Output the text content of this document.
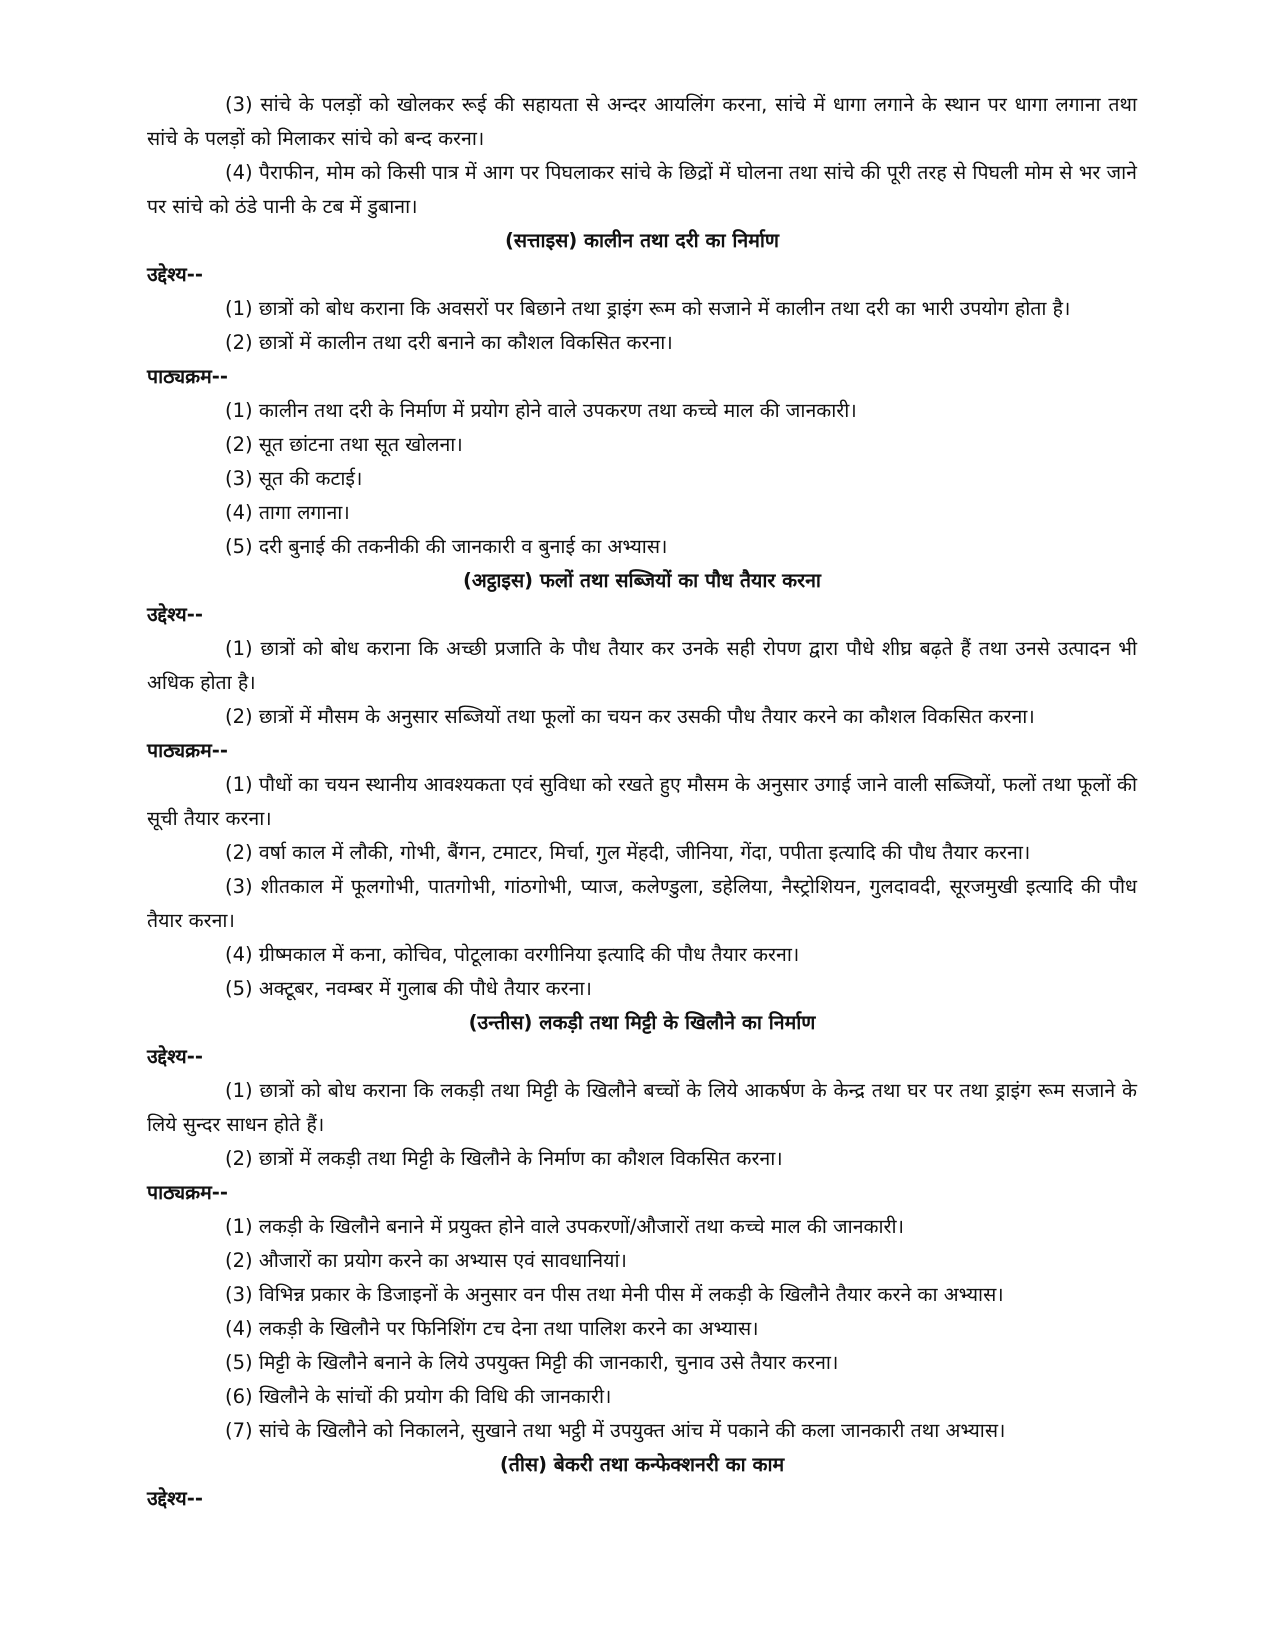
(3) सांचे के पलड़ों को खोलकर रूई की सहायता से अन्दर आयलिंग करना, सांचे में धागा लगाने के स्थान पर धागा लगाना तथा सांचे के पलड़ों को मिलाकर सांचे को बन्द करना।

(4) पैराफीन, मोम को किसी पात्र में आग पर पिघलाकर सांचे के छिद्रों में घोलना तथा सांचे की पूरी तरह से पिघली मोम से भर जाने पर सांचे को ठंडे पानी के टब में डुबाना।

(सत्ताइस) कालीन तथा दरी का निर्माण

उद्देश्य--

(1) छात्रों को बोध कराना कि अवसरों पर बिछाने तथा ड्राइंग रूम को सजाने में कालीन तथा दरी का भारी उपयोग होता है।

(2) छात्रों में कालीन तथा दरी बनाने का कौशल विकसित करना।

पाठ्यक्रम--

(1) कालीन तथा दरी के निर्माण में प्रयोग होने वाले उपकरण तथा कच्चे माल की जानकारी।

(2) सूत छांटना तथा सूत खोलना।

(3) सूत की कटाई।

(4) तागा लगाना।

(5) दरी बुनाई की तकनीकी की जानकारी व बुनाई का अभ्यास।

(अट्ठाइस) फलों तथा सब्जियों का पौध तैयार करना

उद्देश्य--

(1) छात्रों को बोध कराना कि अच्छी प्रजाति के पौध तैयार कर उनके सही रोपण द्वारा पौधे शीघ्र बढ़ते हैं तथा उनसे उत्पादन भी अधिक होता है।

(2) छात्रों में मौसम के अनुसार सब्जियों तथा फूलों का चयन कर उसकी पौध तैयार करने का कौशल विकसित करना।

पाठ्यक्रम--

(1) पौधों का चयन स्थानीय आवश्यकता एवं सुविधा को रखते हुए मौसम के अनुसार उगाई जाने वाली सब्जियों, फलों तथा फूलों की सूची तैयार करना।

(2) वर्षा काल में लौकी, गोभी, बैंगन, टमाटर, मिर्चा, गुल मेंहदी, जीनिया, गेंदा, पपीता इत्यादि की पौध तैयार करना।

(3) शीतकाल में फूलगोभी, पातगोभी, गांठगोभी, प्याज, कलेण्डुला, डहेलिया, नैस्ट्रोशियन, गुलदावदी, सूरजमुखी इत्यादि की पौध तैयार करना।

(4) ग्रीष्मकाल में कना, कोचिव, पोटूलाका वरगीनिया इत्यादि की पौध तैयार करना।

(5) अक्टूबर, नवम्बर में गुलाब की पौधे तैयार करना।

(उन्तीस) लकड़ी तथा मिट्टी के खिलौने का निर्माण

उद्देश्य--

(1) छात्रों को बोध कराना कि लकड़ी तथा मिट्टी के खिलौने बच्चों के लिये आकर्षण के केन्द्र तथा घर पर तथा ड्राइंग रूम सजाने के लिये सुन्दर साधन होते हैं।

(2) छात्रों में लकड़ी तथा मिट्टी के खिलौने के निर्माण का कौशल विकसित करना।

पाठ्यक्रम--

(1) लकड़ी के खिलौने बनाने में प्रयुक्त होने वाले उपकरणों/औजारों तथा कच्चे माल की जानकारी।

(2) औजारों का प्रयोग करने का अभ्यास एवं सावधानियां।

(3) विभिन्न प्रकार के डिजाइनों के अनुसार वन पीस तथा मेनी पीस में लकड़ी के खिलौने तैयार करने का अभ्यास।

(4) लकड़ी के खिलौने पर फिनिशिंग टच देना तथा पालिश करने का अभ्यास।

(5) मिट्टी के खिलौने बनाने के लिये उपयुक्त मिट्टी की जानकारी, चुनाव उसे तैयार करना।

(6) खिलौने के सांचों की प्रयोग की विधि की जानकारी।

(7) सांचे के खिलौने को निकालने, सुखाने तथा भट्ठी में उपयुक्त आंच में पकाने की कला जानकारी तथा अभ्यास।

(तीस) बेकरी तथा कन्फेक्शनरी का काम

उद्देश्य--
